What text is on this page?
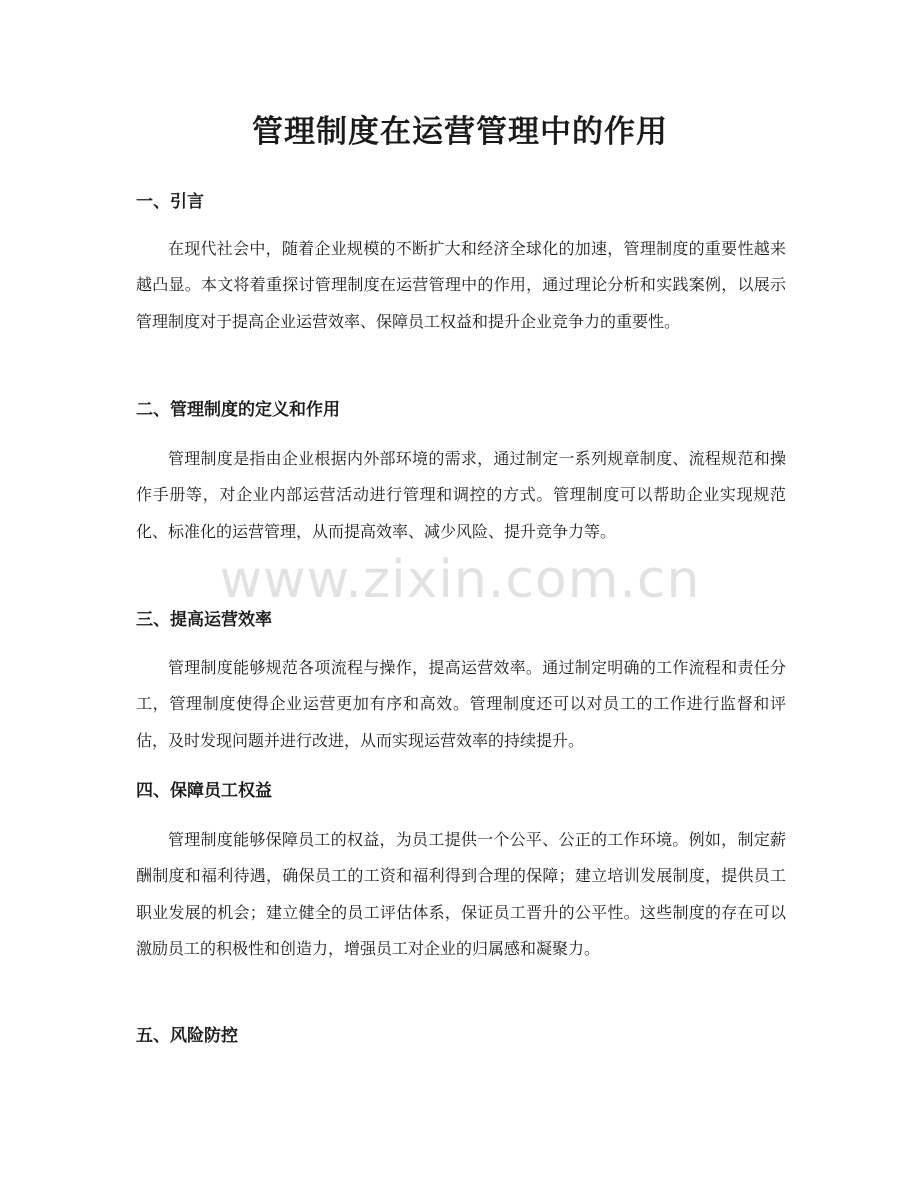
管理制度在运营管理中的作用
一、引言

在现代社会中，随着企业规模的不断扩大和经济全球化的加速，管理制度的重要性越来越凸显。本文将着重探讨管理制度在运营管理中的作用，通过理论分析和实践案例，以展示管理制度对于提高企业运营效率、保障员工权益和提升企业竞争力的重要性。

二、管理制度的定义和作用

管理制度是指由企业根据内外部环境的需求，通过制定一系列规章制度、流程规范和操作手册等，对企业内部运营活动进行管理和调控的方式。管理制度可以帮助企业实现规范化、标准化的运营管理，从而提高效率、减少风险、提升竞争力等。

三、提高运营效率

管理制度能够规范各项流程与操作，提高运营效率。通过制定明确的工作流程和责任分工，管理制度使得企业运营更加有序和高效。管理制度还可以对员工的工作进行监督和评估，及时发现问题并进行改进，从而实现运营效率的持续提升。

四、保障员工权益

管理制度能够保障员工的权益，为员工提供一个公平、公正的工作环境。例如，制定薪酬制度和福利待遇，确保员工的工资和福利得到合理的保障；建立培训发展制度，提供员工职业发展的机会；建立健全的员工评估体系，保证员工晋升的公平性。这些制度的存在可以激励员工的积极性和创造力，增强员工对企业的归属感和凝聚力。

五、风险防控
www.zixin.com.cn
